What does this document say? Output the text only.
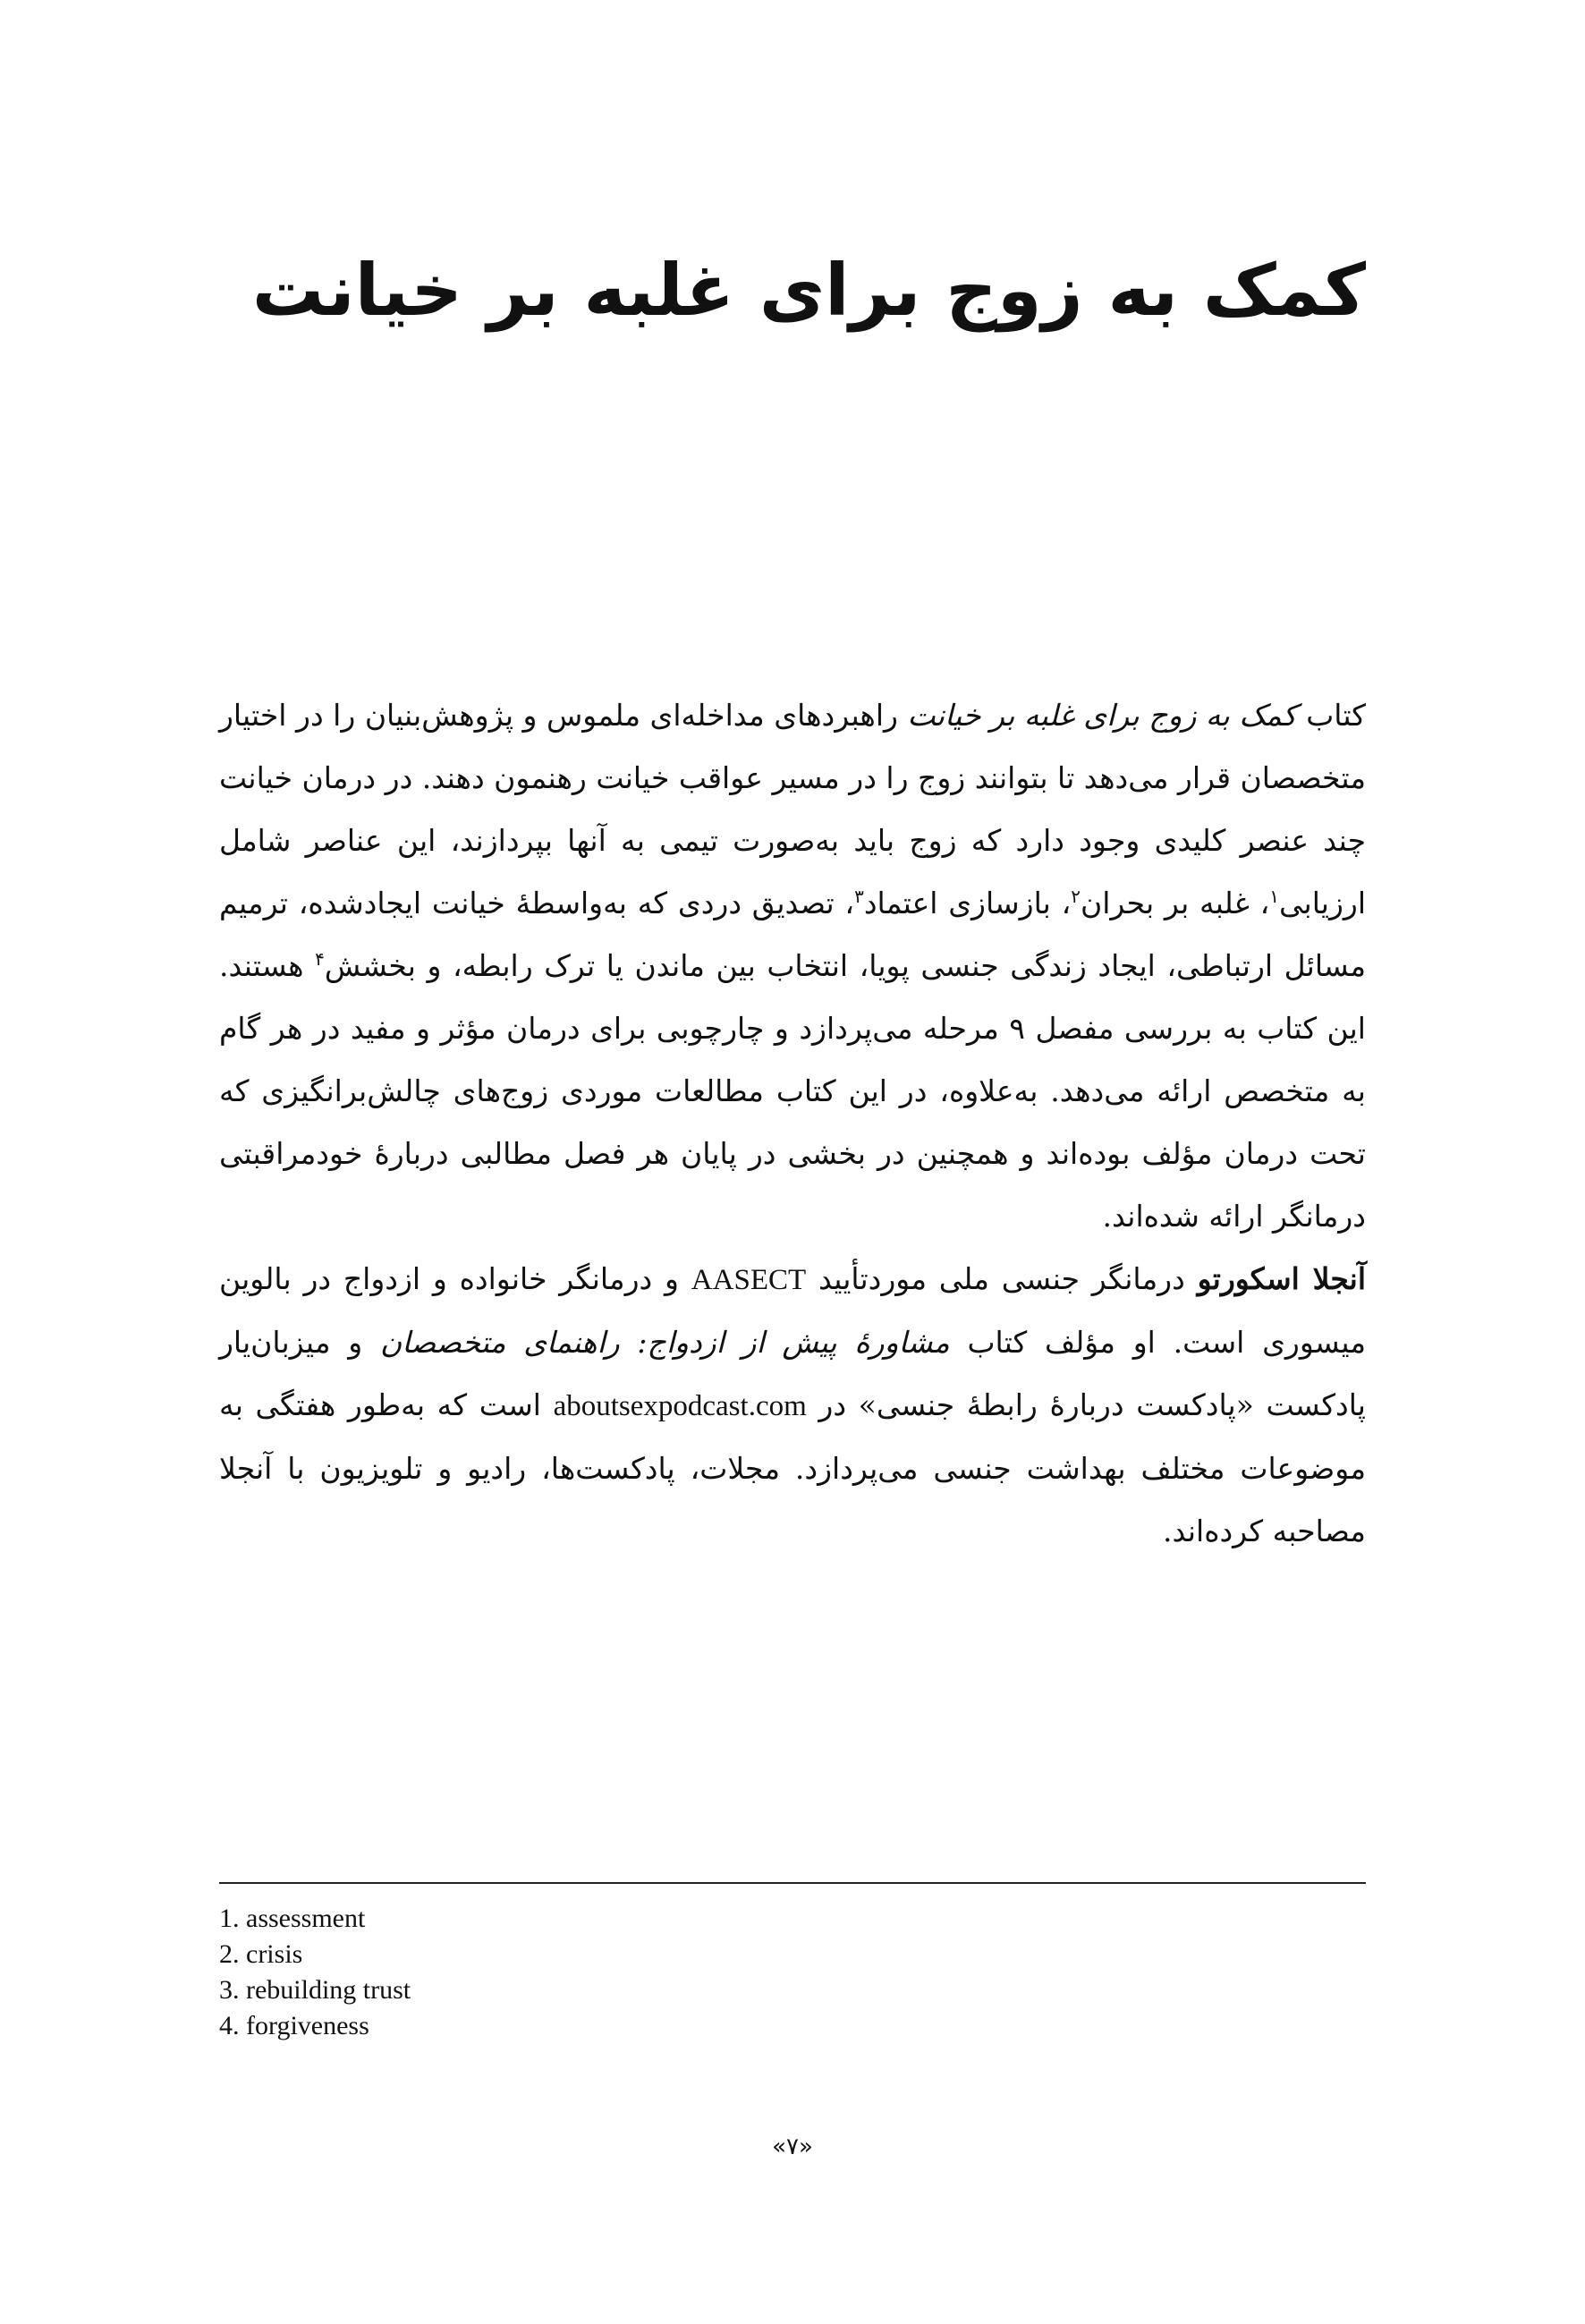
کمک به زوج برای غلبه بر خیانت

کتاب کمک به زوج برای غلبه بر خیانت راهبردهای مداخله‌ای ملموس و پژوهش‌بنیان را در اختیار متخصصان قرار می‌دهد تا بتوانند زوج را در مسیر عواقب خیانت رهنمون دهند. در درمان خیانت چند عنصر کلیدی وجود دارد که زوج باید به‌صورت تیمی به آنها بپردازند، این عناصر شامل ارزیابی$^۱$، غلبه بر بحران$^۲$، بازسازی اعتماد$^۳$، تصدیق دردی که به‌واسطهٔ خیانت ایجادشده، ترمیم مسائل ارتباطی، ایجاد زندگی جنسی پویا، انتخاب بین ماندن یا ترک رابطه، و بخشش$^۴$ هستند. این کتاب به بررسی مفصل ۹ مرحله می‌پردازد و چارچوبی برای درمان مؤثر و مفید در هر گام به متخصص ارائه می‌دهد. به‌علاوه، در این کتاب مطالعات موردی زوج‌های چالش‌برانگیزی که تحت درمان مؤلف بوده‌اند و همچنین در بخشی در پایان هر فصل مطالبی دربارهٔ خود‌مراقبتی درمانگر ارائه شده‌اند.

آنجلا اسکورتو درمانگر جنسی ملی موردتأیید AASECT و درمانگر خانواده و ازدواج در بالوین میسوری است. او مؤلف کتاب مشاورهٔ پیش از ازدواج: راهنمای متخصصان و میزبان‌یار پادکست «پادکست دربارهٔ رابطهٔ جنسی» در aboutsexpodcast.com است که به‌طور هفتگی به موضوعات مختلف بهداشت جنسی می‌پردازد. مجلات، پادکست‌ها، رادیو و تلویزیون با آنجلا مصاحبه کرده‌اند.

1. assessment
2. crisis
3. rebuilding trust
4. forgiveness
«۷»
